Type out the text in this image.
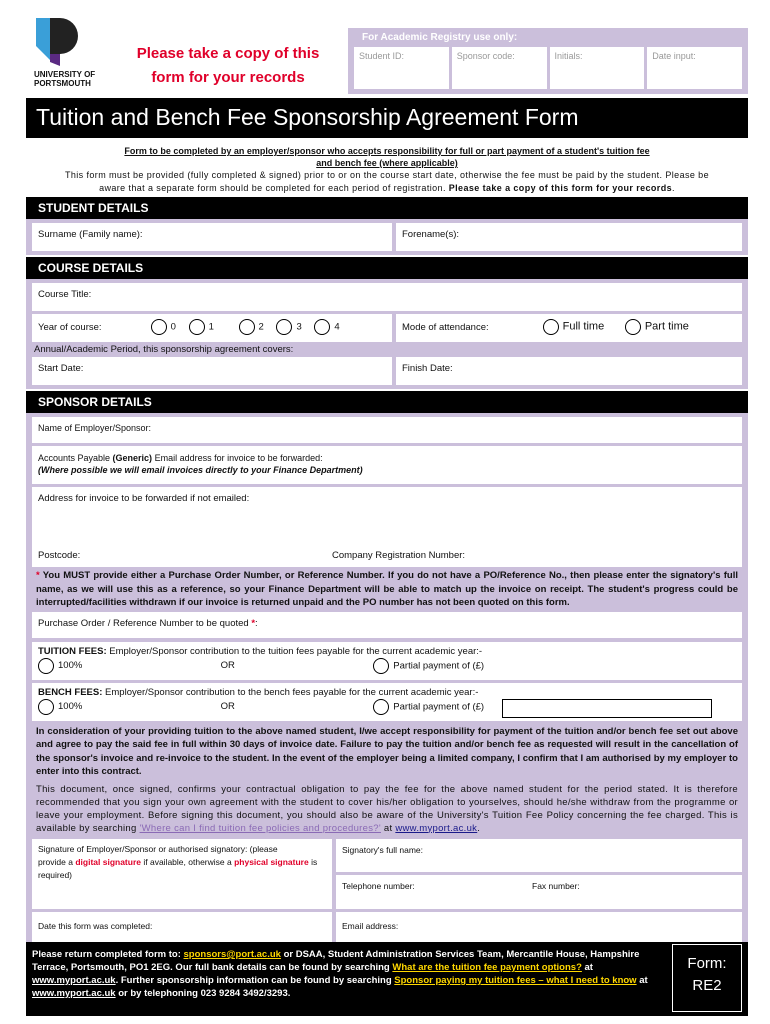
UNIVERSITY OF
PORTSMOUTH
Please take a copy of this
form for your records
For Academic Registry use only:
Student ID:	Sponsor code:	Initials:	Date input:
Tuition and Bench Fee Sponsorship Agreement Form
Form to be completed by an employer/sponsor who accepts responsibility for full or part payment of a student's tuition fee
and bench fee (where applicable)
This form must be provided (fully completed & signed) prior to or on the course start date, otherwise the fee must be paid by the student. Please be
aware that a separate form should be completed for each period of registration. Please take a copy of this form for your records.
STUDENT DETAILS
Surname (Family name):	Forename(s):
COURSE DETAILS
Course Title:
Year of course:	0	1	2	3	4	Mode of attendance:	Full time	Part time
Annual/Academic Period, this sponsorship agreement covers:
Start Date:	Finish Date:
SPONSOR DETAILS
Name of Employer/Sponsor:
Accounts Payable (Generic) Email address for invoice to be forwarded:
(Where possible we will email invoices directly to your Finance Department)
Address for invoice to be forwarded if not emailed:
Postcode:	Company Registration Number:
* You MUST provide either a Purchase Order Number, or Reference Number. If you do not have a PO/Reference No., then please enter the signatory's full name, as we will use this as a reference, so your Finance Department will be able to match up the invoice on receipt. The student's progress could be interrupted/facilities withdrawn if our invoice is returned unpaid and the PO number has not been quoted on this form.
Purchase Order / Reference Number to be quoted *:
TUITION FEES: Employer/Sponsor contribution to the tuition fees payable for the current academic year:-
100%	OR	Partial payment of (£)
BENCH FEES: Employer/Sponsor contribution to the bench fees payable for the current academic year:-
100%	OR	Partial payment of (£)
In consideration of your providing tuition to the above named student, I/we accept responsibility for payment of the tuition and/or bench fee set out above and agree to pay the said fee in full within 30 days of invoice date. Failure to pay the tuition and/or bench fee as requested will result in the cancellation of the sponsor's invoice and re-invoice to the student. In the event of the employer being a limited company, I confirm that I am authorised by my employer to enter into this contract.
This document, once signed, confirms your contractual obligation to pay the fee for the above named student for the period stated. It is therefore recommended that you sign your own agreement with the student to cover his/her obligation to yourselves, should he/she withdraw from the programme or leave your employment. Before signing this document, you should also be aware of the University's Tuition Fee Policy concerning the fee charged. This is available by searching 'Where can I find tuition fee policies and procedures?' at www.myport.ac.uk.
Signature of Employer/Sponsor or authorised signatory: (please
provide a digital signature if available, otherwise a physical signature is
required)
Signatory's full name:
Telephone number:	Fax number:
Date this form was completed:	Email address:
Please return completed form to: sponsors@port.ac.uk or DSAA, Student Administration Services Team, Mercantile House, Hampshire Terrace, Portsmouth, PO1 2EG. Our full bank details can be found by searching What are the tuition fee payment options? at www.myport.ac.uk. Further sponsorship information can be found by searching Sponsor paying my tuition fees – what I need to know at www.myport.ac.uk or by telephoning 023 9284 3492/3293.
Form:
RE2
